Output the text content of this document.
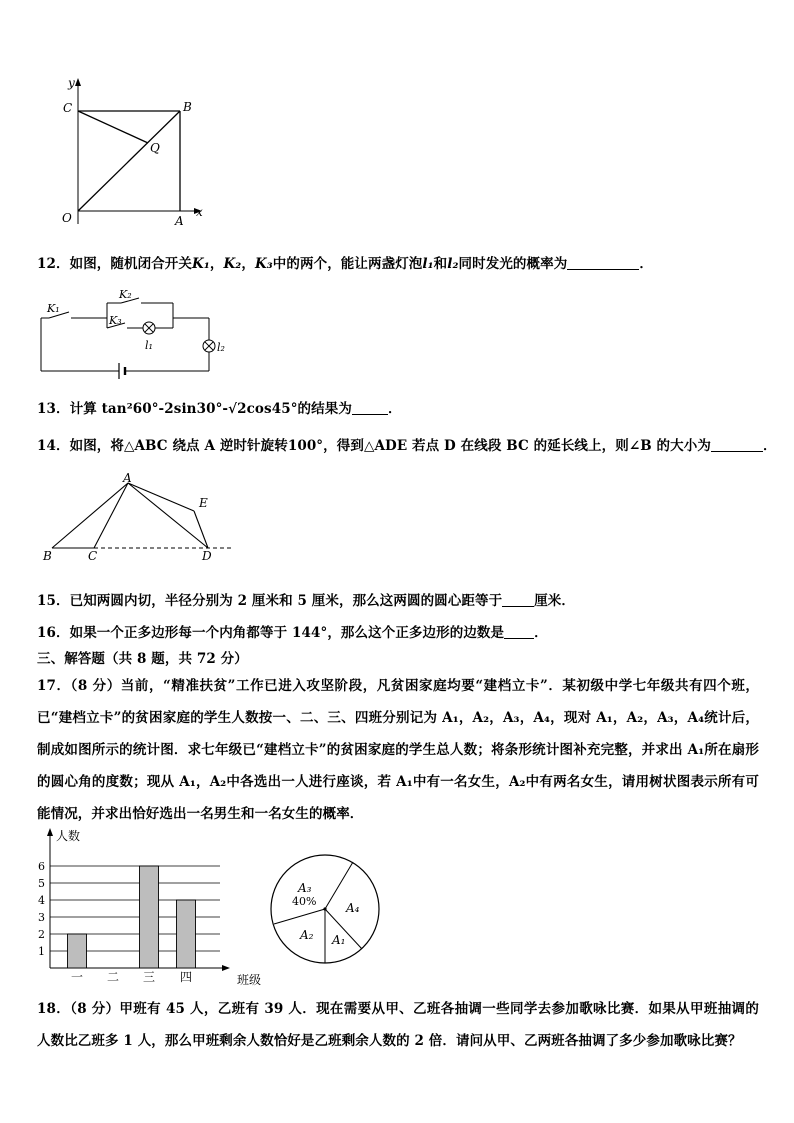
y
x
C	B
Q
O	A
12．如图，随机闭合开关K₁，K₂，K₃中的两个，能让两盏灯泡l₁和l₂同时发光的概率为	．
K₁
K₂
K₃
l₁	l₂
13．计算 tan²60°-2sin30°-√2cos45°的结果为	．
14．如图，将△ABC 绕点 A 逆时针旋转100°，得到△ADE 若点 D 在线段 BC 的延长线上，则∠B 的大小为	．
A
B	C	D
E
15．已知两圆内切，半径分别为 2 厘米和 5 厘米，那么这两圆的圆心距等于 厘米．
16．如果一个正多边形每一个内角都等于 144°，那么这个正多边形的边数是 ．
三、解答题（共 8 题，共 72 分）
17．（8 分）当前，“精准扶贫”工作已进入攻坚阶段，凡贫困家庭均要“建档立卡”．某初级中学七年级共有四个班，已“建档立卡”的贫困家庭的学生人数按一、二、三、四班分别记为 A₁，A₂，A₃，A₄，现对 A₁，A₂，A₃，A₄统计后，制成如图所示的统计图．求七年级已“建档立卡”的贫困家庭的学生总人数；将条形统计图补充完整，并求出 A₁所在扇形的圆心角的度数；现从 A₁，A₂中各选出一人进行座谈，若 A₁中有一名女生，A₂中有两名女生，请用树状图表示所有可能情况，并求出恰好选出一名男生和一名女生的概率．
1
2
3
4
5
6
人数
班级
一 二 三 四
A₃
40% A₄
A₁
A₂
18．（8 分）甲班有 45 人，乙班有 39 人．现在需要从甲、乙班各抽调一些同学去参加歌咏比赛．如果从甲班抽调的人数比乙班多 1 人，那么甲班剩余人数恰好是乙班剩余人数的 2 倍．请问从甲、乙两班各抽调了多少参加歌咏比赛？
